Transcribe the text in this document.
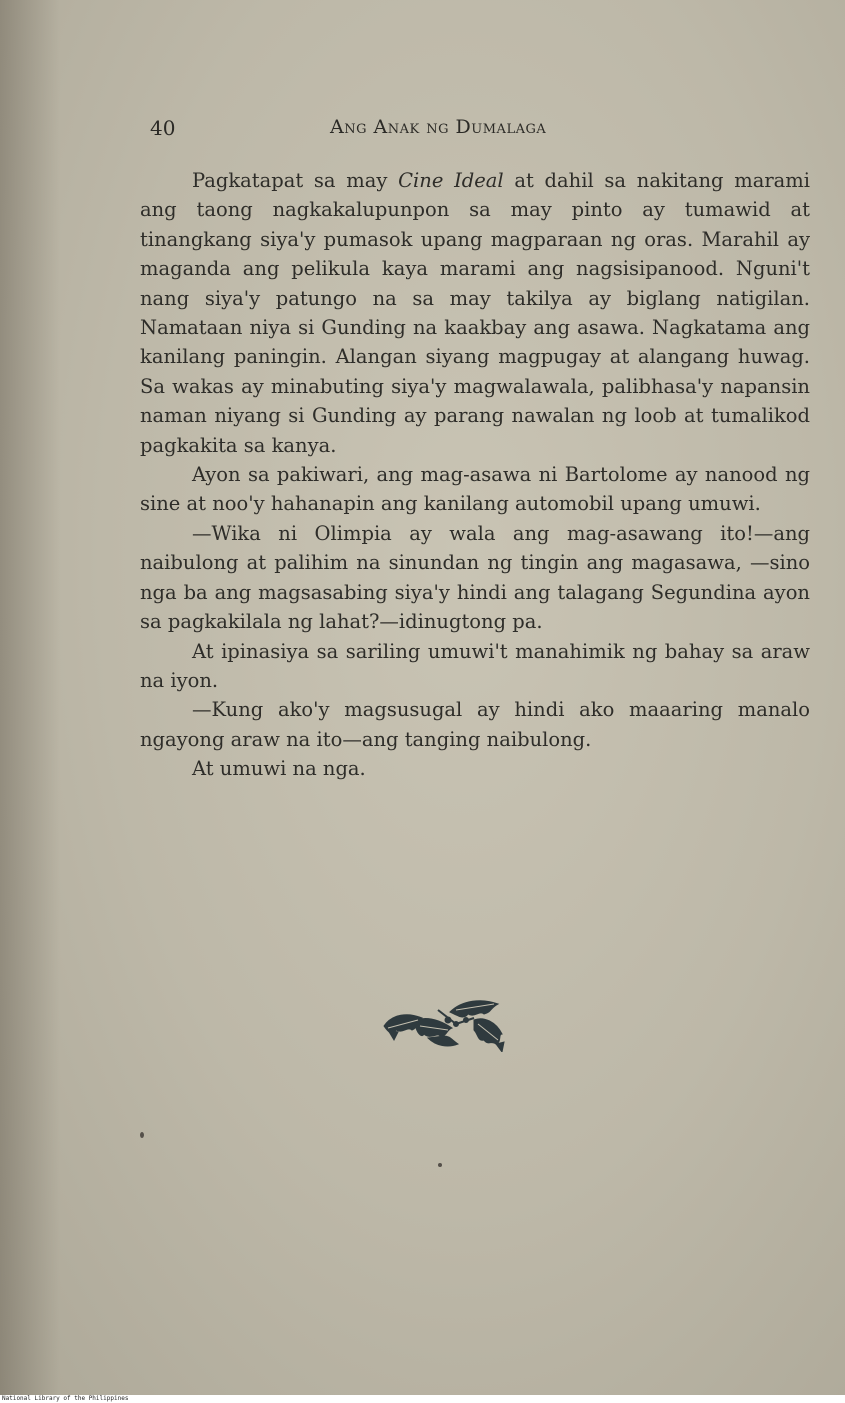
40	Ang Anak ng Dumalaga

Pagkatapat sa may Cine Ideal at dahil sa nakitang marami ang taong nagkakalupunpon sa may pinto ay tumawid at tinangkang siya'y pumasok upang magparaan ng oras. Marahil ay maganda ang pelikula kaya marami ang nagsisipanood. Nguni't nang siya'y patungo na sa may takilya ay biglang natigilan. Namataan niya si Gunding na kaakbay ang asawa. Nagkatama ang kanilang paningin. Alangan siyang magpugay at alangang huwag. Sa wakas ay minabuting siya'y magwalawala, palibhasa'y napansin naman niyang si Gunding ay parang nawalan ng loob at tumalikod pagkakita sa kanya.

Ayon sa pakiwari, ang mag-asawa ni Bartolome ay nanood ng sine at noo'y hahanapin ang kanilang automobil upang umuwi.

—Wika ni Olimpia ay wala ang mag-asawang ito!—ang naibulong at palihim na sinundan ng tingin ang magasawa, —sino nga ba ang magsasabing siya'y hindi ang talagang Segundina ayon sa pagkakilala ng lahat?—idinugtong pa.

At ipinasiya sa sariling umuwi't manahimik ng bahay sa araw na iyon.

—Kung ako'y magsusugal ay hindi ako maaaring manalo ngayong araw na ito—ang tanging naibulong.

At umuwi na nga.

National Library of the Philippines
